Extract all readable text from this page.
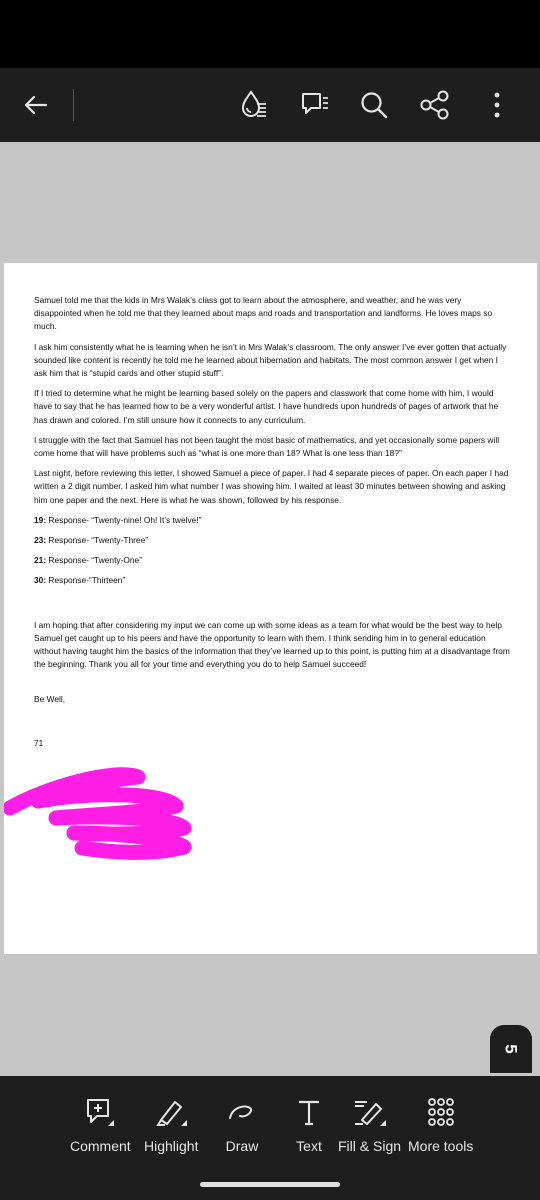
Samuel told me that the kids in Mrs Walak’s class got to learn about the atmosphere, and weather, and he was very disappointed when he told me that they learned about maps and roads and transportation and landforms. He loves maps so much.

I ask him consistently what he is learning when he isn’t in Mrs Walak’s classroom. The only answer I’ve ever gotten that actually sounded like content is recently he told me he learned about hibernation and habitats. The most common answer I get when I ask him that is “stupid cards and other stupid stuff”.

If I tried to determine what he might be learning based solely on the papers and classwork that come home with him, I would have to say that he has learned how to be a very wonderful artist. I have hundreds upon hundreds of pages of artwork that he has drawn and colored. I’m still unsure how it connects to any curriculum.

I struggle with the fact that Samuel has not been taught the most basic of mathematics, and yet occasionally some papers will come home that will have problems such as “what is one more than 18? What is one less than 18?”

Last night, before reviewing this letter, I showed Samuel a piece of paper. I had 4 separate pieces of paper. On each paper I had written a 2 digit number. I asked him what number I was showing him. I waited at least 30 minutes between showing and asking him one paper and the next. Here is what he was shown, followed by his response.

19: Response- “Twenty-nine! Oh! It’s twelve!”

23: Response- “Twenty-Three”

21: Response- “Twenty-One”

30: Response-“Thirteen”

I am hoping that after considering my input we can come up with some ideas as a team for what would be the best way to help Samuel get caught up to his peers and have the opportunity to learn with them. I think sending him in to general education without having taught him the basics of the information that they’ve learned up to this point, is putting him at a disadvantage from the beginning. Thank you all for your time and everything you do to help Samuel succeed!

Be Well,

71

5
Comment Highlight Draw	Text Fill & Sign More tools
